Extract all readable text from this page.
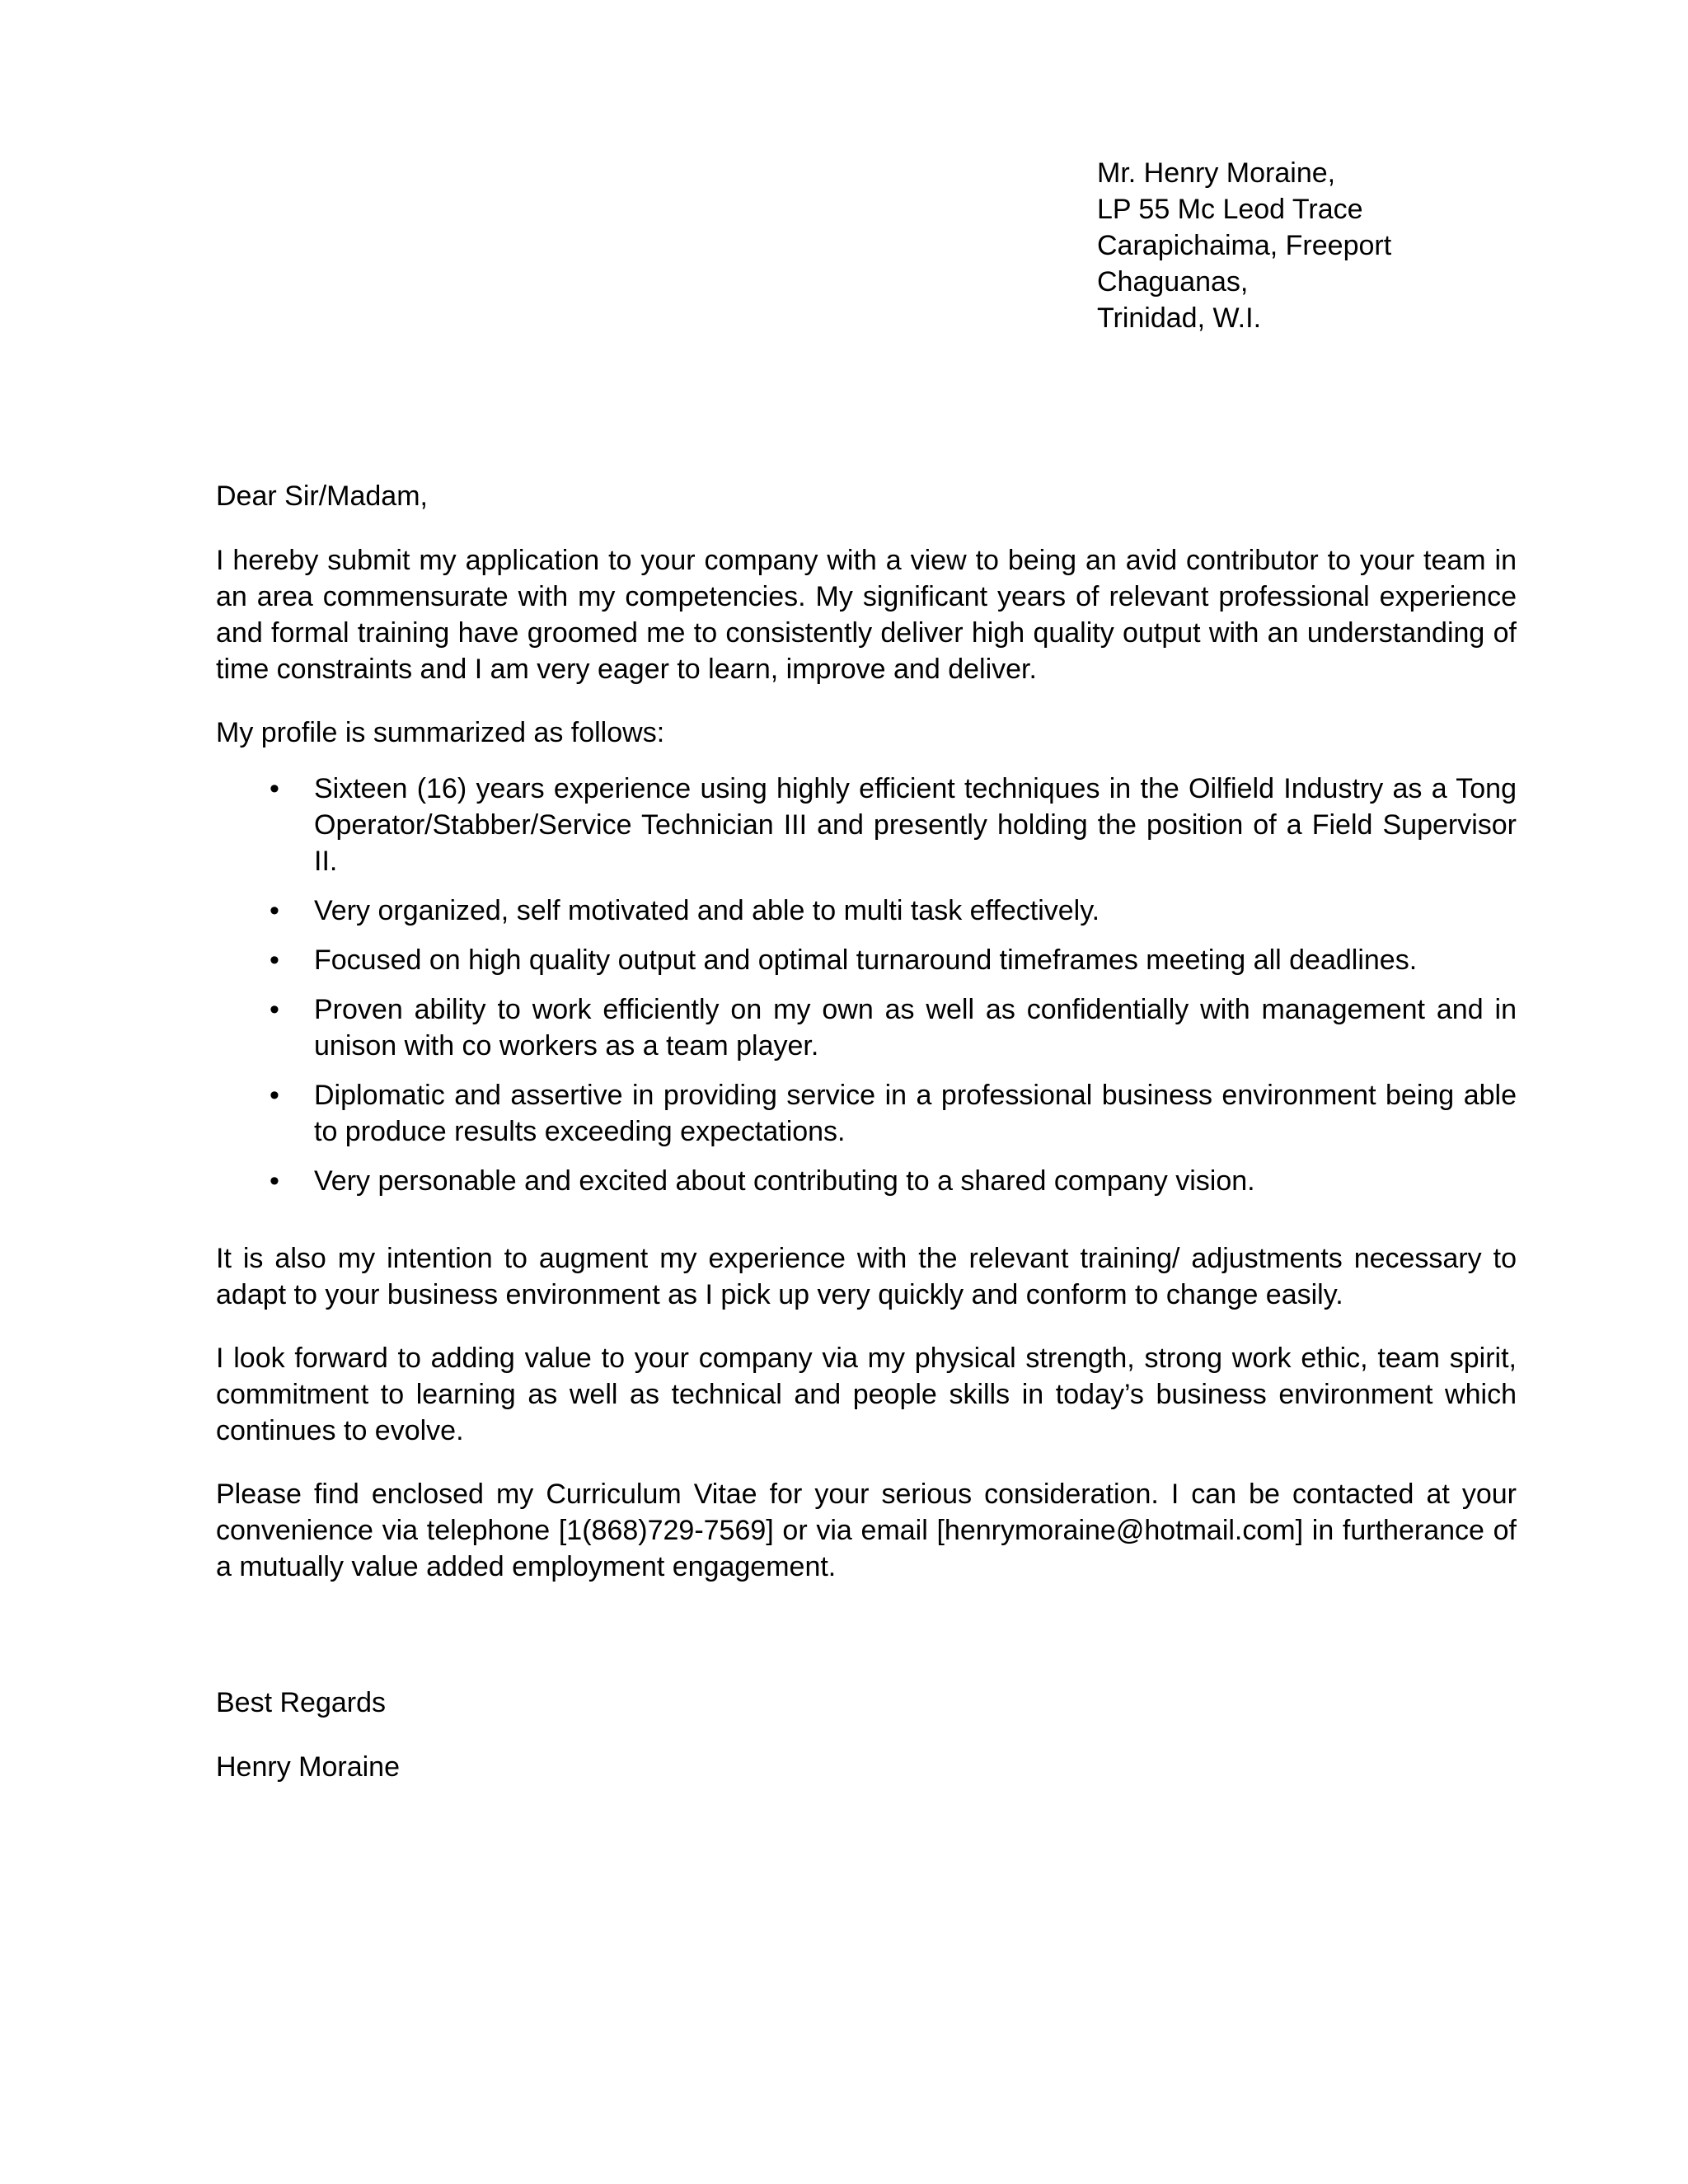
Mr. Henry Moraine,
LP 55 Mc Leod Trace
Carapichaima, Freeport
Chaguanas,
Trinidad, W.I.

Dear Sir/Madam,

I hereby submit my application to your company with a view to being an avid contributor to your team in an area commensurate with my competencies. My significant years of relevant professional experience and formal training have groomed me to consistently deliver high quality output with an understanding of time constraints and I am very eager to learn, improve and deliver.

My profile is summarized as follows:

• Sixteen (16) years experience using highly efficient techniques in the Oilfield Industry as a Tong Operator/Stabber/Service Technician III and presently holding the position of a Field Supervisor II.
• Very organized, self motivated and able to multi task effectively.
• Focused on high quality output and optimal turnaround timeframes meeting all deadlines.
• Proven ability to work efficiently on my own as well as confidentially with management and in unison with co workers as a team player.
• Diplomatic and assertive in providing service in a professional business environment being able to produce results exceeding expectations.
• Very personable and excited about contributing to a shared company vision.

It is also my intention to augment my experience with the relevant training/ adjustments necessary to adapt to your business environment as I pick up very quickly and conform to change easily.

I look forward to adding value to your company via my physical strength, strong work ethic, team spirit, commitment to learning as well as technical and people skills in today’s business environment which continues to evolve.

Please find enclosed my Curriculum Vitae for your serious consideration. I can be contacted at your convenience via telephone [1(868)729-7569] or via email [henrymoraine@hotmail.com] in furtherance of a mutually value added employment engagement.

Best Regards

Henry Moraine
